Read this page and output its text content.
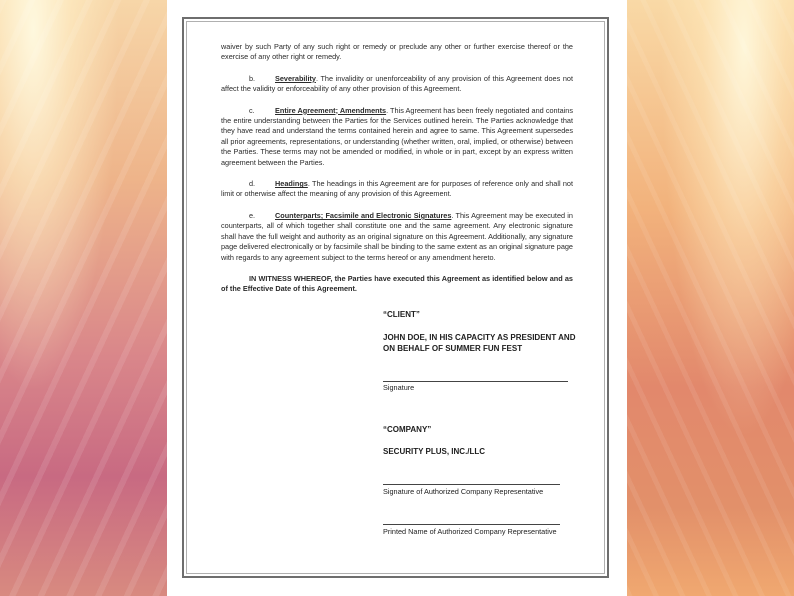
waiver by such Party of any such right or remedy or preclude any other or further exercise thereof or the exercise of any other right or remedy.

b.	Severability. The invalidity or unenforceability of any provision of this Agreement does not affect the validity or enforceability of any other provision of this Agreement.

c.	Entire Agreement; Amendments. This Agreement has been freely negotiated and contains the entire understanding between the Parties for the Services outlined herein. The Parties acknowledge that they have read and understand the terms contained herein and agree to same. This Agreement supersedes all prior agreements, representations, or understanding (whether written, oral, implied, or otherwise) between the Parties. These terms may not be amended or modified, in whole or in part, except by an express written agreement between the Parties.

d.	Headings. The headings in this Agreement are for purposes of reference only and shall not limit or otherwise affect the meaning of any provision of this Agreement.

e.	Counterparts; Facsimile and Electronic Signatures. This Agreement may be executed in counterparts, all of which together shall constitute one and the same agreement. Any electronic signature shall have the full weight and authority as an original signature on this Agreement. Additionally, any signature page delivered electronically or by facsimile shall be binding to the same extent as an original signature page with regards to any agreement subject to the terms hereof or any amendment hereto.

IN WITNESS WHEREOF, the Parties have executed this Agreement as identified below and as of the Effective Date of this Agreement.

“CLIENT”
JOHN DOE, IN HIS CAPACITY AS PRESIDENT AND
ON BEHALF OF SUMMER FUN FEST
Signature
“COMPANY”
SECURITY PLUS, INC./LLC
Signature of Authorized Company Representative
Printed Name of Authorized Company Representative
